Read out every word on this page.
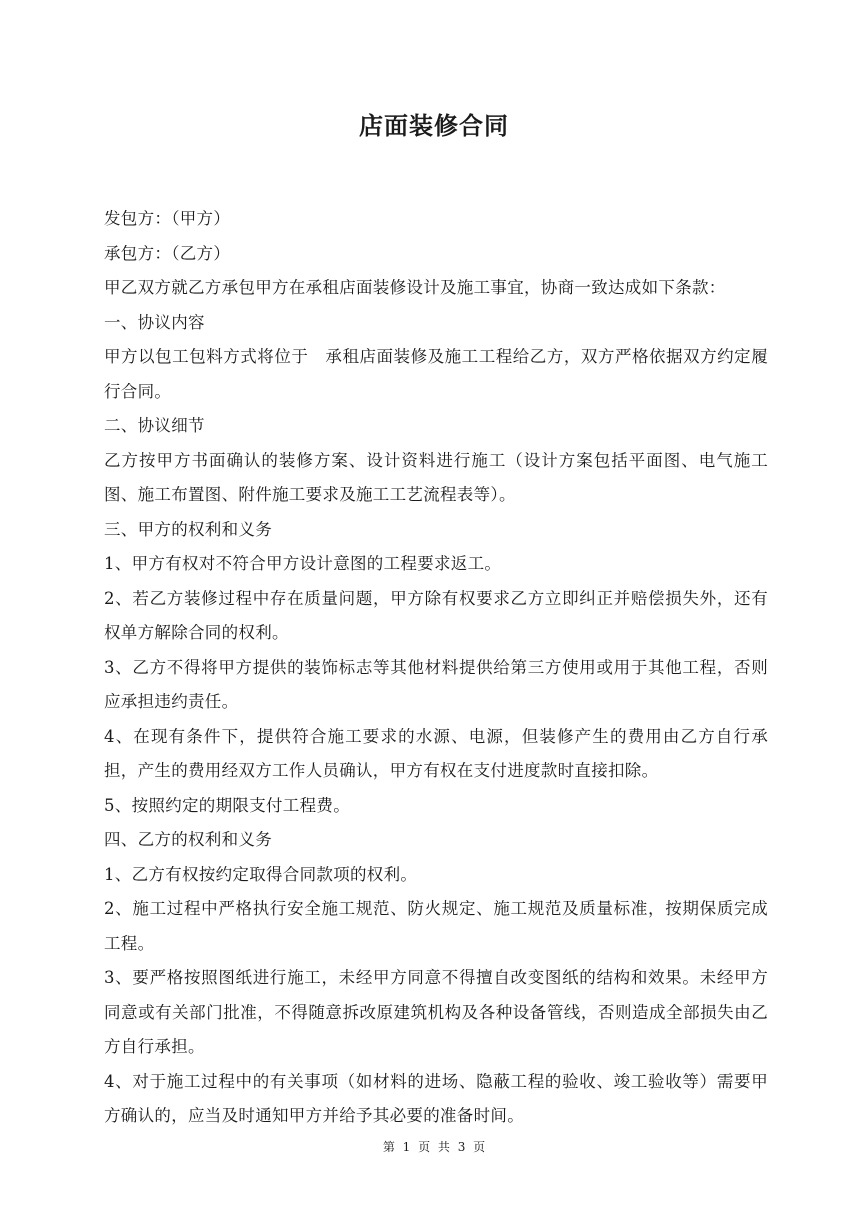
店面装修合同

发包方：（甲方）

承包方：（乙方）

甲乙双方就乙方承包甲方在承租店面装修设计及施工事宜，协商一致达成如下条款：

一、协议内容

甲方以包工包料方式将位于　承租店面装修及施工工程给乙方，双方严格依据双方约定履行合同。

二、协议细节

乙方按甲方书面确认的装修方案、设计资料进行施工（设计方案包括平面图、电气施工图、施工布置图、附件施工要求及施工工艺流程表等）。

三、甲方的权利和义务

1、甲方有权对不符合甲方设计意图的工程要求返工。

2、若乙方装修过程中存在质量问题，甲方除有权要求乙方立即纠正并赔偿损失外，还有权单方解除合同的权利。

3、乙方不得将甲方提供的装饰标志等其他材料提供给第三方使用或用于其他工程，否则应承担违约责任。

4、在现有条件下，提供符合施工要求的水源、电源，但装修产生的费用由乙方自行承担，产生的费用经双方工作人员确认，甲方有权在支付进度款时直接扣除。

5、按照约定的期限支付工程费。

四、乙方的权利和义务

1、乙方有权按约定取得合同款项的权利。

2、施工过程中严格执行安全施工规范、防火规定、施工规范及质量标准，按期保质完成工程。

3、要严格按照图纸进行施工，未经甲方同意不得擅自改变图纸的结构和效果。未经甲方同意或有关部门批准，不得随意拆改原建筑机构及各种设备管线，否则造成全部损失由乙方自行承担。

4、对于施工过程中的有关事项（如材料的进场、隐蔽工程的验收、竣工验收等）需要甲方确认的，应当及时通知甲方并给予其必要的准备时间。

第 1 页 共 3 页
